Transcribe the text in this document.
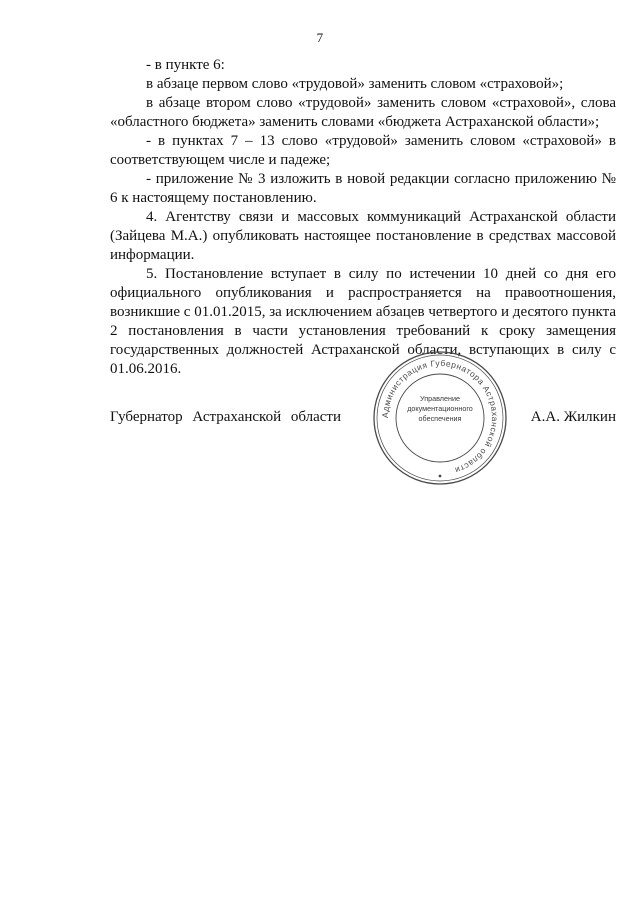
7

- в пункте 6:

в абзаце первом слово «трудовой» заменить словом «страховой»;

в абзаце втором слово «трудовой» заменить словом «страховой», слова «областного бюджета» заменить словами «бюджета Астраханской области»;

- в пунктах 7 – 13 слово «трудовой» заменить словом «страховой» в соответствующем числе и падеже;

- приложение № 3 изложить в новой редакции согласно приложению № 6 к настоящему постановлению.

4. Агентству связи и массовых коммуникаций Астраханской области (Зайцева М.А.) опубликовать настоящее постановление в средствах массовой информации.

5. Постановление вступает в силу по истечении 10 дней со дня его официального опубликования и распространяется на правоотношения, возникшие с 01.01.2015, за исключением абзацев четвертого и десятого пункта 2 постановления в части установления требований к сроку замещения государственных должностей Астраханской области, вступающих в силу с 01.06.2016.

Губернатор Астраханской области	А.А. Жилкин
Администрация Губернатора Астраханской области
Управление
документационного
обеспечения
